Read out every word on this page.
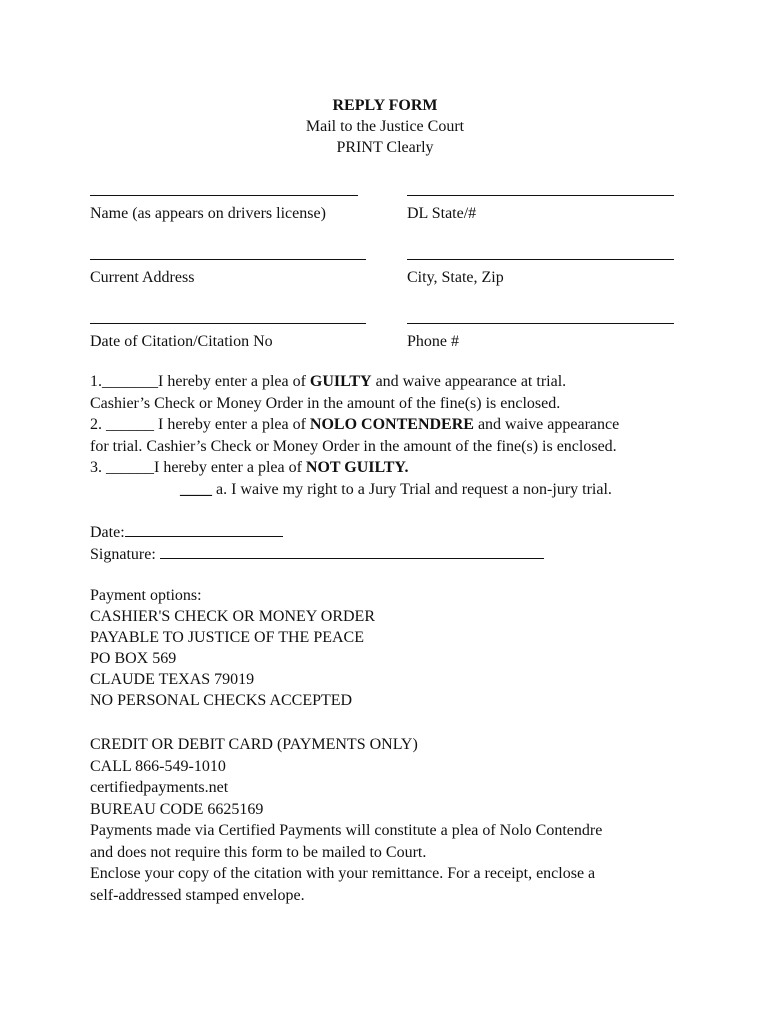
REPLY FORM
Mail to the Justice Court
PRINT Clearly
Name (as appears on drivers license)	DL State/#
Current Address	City, State, Zip
Date of Citation/Citation No	Phone #
1._______I hereby enter a plea of GUILTY and waive appearance at trial.
Cashier’s Check or Money Order in the amount of the fine(s) is enclosed.
2. ______ I hereby enter a plea of NOLO CONTENDERE and waive appearance
for trial. Cashier’s Check or Money Order in the amount of the fine(s) is enclosed.
3. ______I hereby enter a plea of NOT GUILTY.
____ a. I waive my right to a Jury Trial and request a non-jury trial.
Date:
Signature:
Payment options:
CASHIER'S CHECK OR MONEY ORDER
PAYABLE TO JUSTICE OF THE PEACE
PO BOX 569
CLAUDE TEXAS 79019
NO PERSONAL CHECKS ACCEPTED
CREDIT OR DEBIT CARD (PAYMENTS ONLY)
CALL 866-549-1010
certifiedpayments.net
BUREAU CODE 6625169
Payments made via Certified Payments will constitute a plea of Nolo Contendre
and does not require this form to be mailed to Court.
Enclose your copy of the citation with your remittance. For a receipt, enclose a
self-addressed stamped envelope.
